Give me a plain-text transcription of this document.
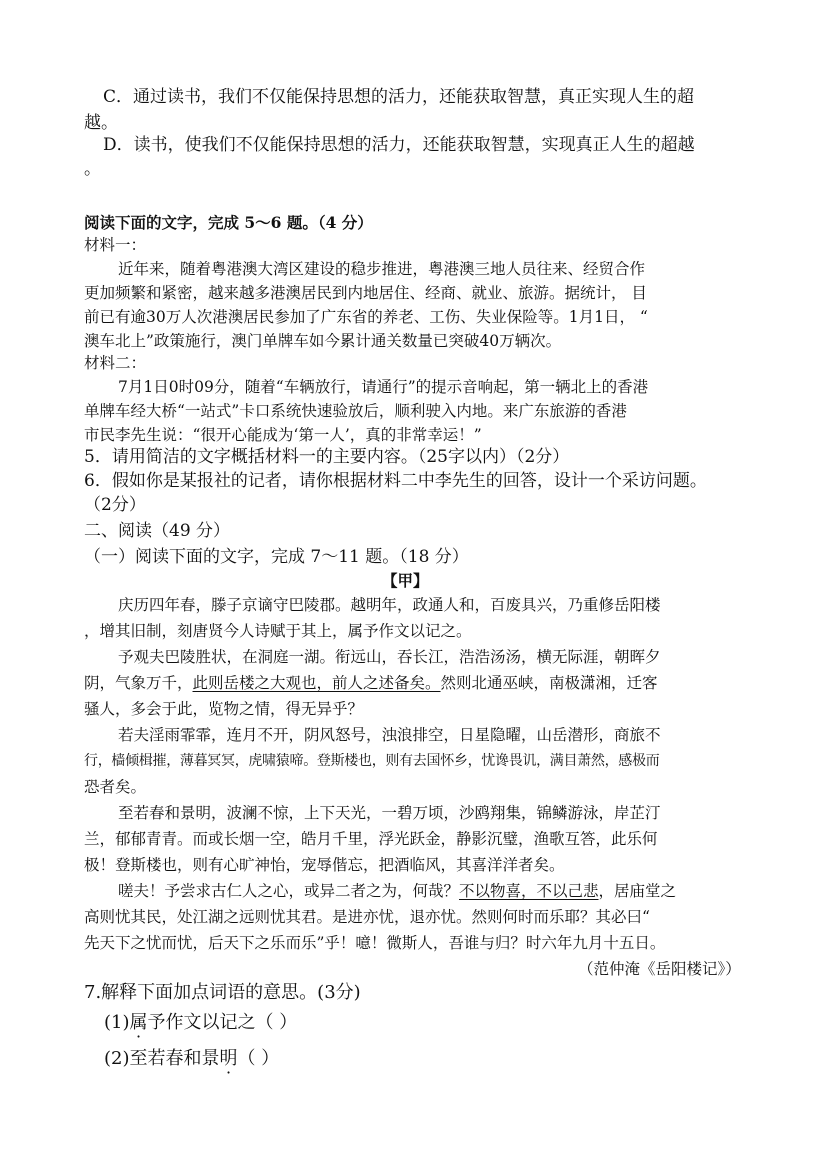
C．通过读书，我们不仅能保持思想的活力，还能获取智慧，真正实现人生的超
越。
D．读书，使我们不仅能保持思想的活力，还能获取智慧，实现真正人生的超越
。
阅读下面的文字，完成 5～6 题。（4 分）
材料一：
近年来，随着粤港澳大湾区建设的稳步推进，粤港澳三地人员往来、经贸合作
更加频繁和紧密，越来越多港澳居民到内地居住、经商、就业、旅游。据统计， 目
前已有逾30万人次港澳居民参加了广东省的养老、工伤、失业保险等。1月1日， “
澳车北上”政策施行，澳门单牌车如今累计通关数量已突破40万辆次。
材料二：
7月1日0时09分，随着“车辆放行，请通行”的提示音响起，第一辆北上的香港
单牌车经大桥“一站式”卡口系统快速验放后，顺利驶入内地。来广东旅游的香港
市民李先生说：“很开心能成为‘第一人’，真的非常幸运！”
5．请用简洁的文字概括材料一的主要内容。（25字以内）（2分）
6．假如你是某报社的记者，请你根据材料二中李先生的回答，设计一个采访问题。
（2分）
二、阅读（49 分）
（一）阅读下面的文字，完成 7～11 题。（18 分）
【甲】
庆历四年春，滕子京谪守巴陵郡。越明年，政通人和，百废具兴，乃重修岳阳楼
，增其旧制，刻唐贤今人诗赋于其上，属予作文以记之。
予观夫巴陵胜状，在洞庭一湖。衔远山，吞长江，浩浩汤汤，横无际涯，朝晖夕
阴，气象万千，此则岳楼之大观也，前人之述备矣。然则北通巫峡，南极潇湘，迁客
骚人，多会于此，览物之情，得无异乎？
若夫淫雨霏霏，连月不开，阴风怒号，浊浪排空，日星隐曜，山岳潜形，商旅不
行，樯倾楫摧，薄暮冥冥，虎啸猿啼。登斯楼也，则有去国怀乡，忧谗畏讥，满目萧然，感极而
恐者矣。
至若春和景明，波澜不惊，上下天光，一碧万顷，沙鸥翔集，锦鳞游泳，岸芷汀
兰，郁郁青青。而或长烟一空，皓月千里，浮光跃金，静影沉璧，渔歌互答，此乐何
极！登斯楼也，则有心旷神怡，宠辱偕忘，把酒临风，其喜洋洋者矣。
嗟夫！予尝求古仁人之心，或异二者之为，何哉？不以物喜，不以己悲，居庙堂之
高则忧其民，处江湖之远则忧其君。是进亦忧，退亦忧。然则何时而乐耶？其必曰“
先天下之忧而忧，后天下之乐而乐”乎！噫！微斯人，吾谁与归？时六年九月十五日。
（范仲淹《岳阳楼记》）
7.解释下面加点词语的意思。(3分)
(1)属予作文以记之（ ）
(2)至若春和景明（ ）
